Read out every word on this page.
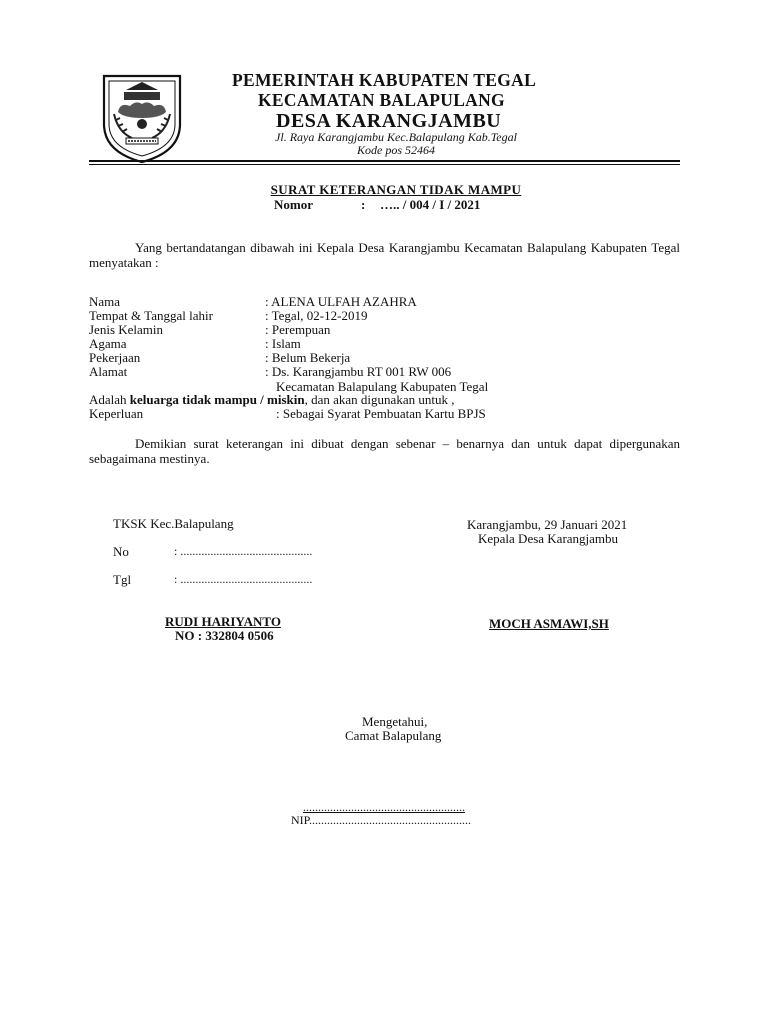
PEMERINTAH KABUPATEN TEGAL
KECAMATAN BALAPULANG
DESA KARANGJAMBU
Jl. Raya Karangjambu Kec.Balapulang Kab.Tegal
Kode pos 52464
SURAT KETERANGAN TIDAK MAMPU
Nomor	: ….. / 004 / I / 2021
Yang bertandatangan dibawah ini Kepala Desa Karangjambu Kecamatan Balapulang Kabupaten Tegal menyatakan :
Nama	: ALENA ULFAH AZAHRA
Tempat & Tanggal lahir	: Tegal, 02-12-2019
Jenis Kelamin	: Perempuan
Agama	: Islam
Pekerjaan	: Belum Bekerja
Alamat	: Ds. Karangjambu RT 001 RW 006
Kecamatan Balapulang Kabupaten Tegal
Adalah keluarga tidak mampu / miskin, dan akan digunakan untuk ,
Keperluan	: Sebagai Syarat Pembuatan Kartu BPJS
Demikian surat keterangan ini dibuat dengan sebenar – benarnya dan untuk dapat dipergunakan sebagaimana mestinya.
TKSK Kec.Balapulang
No	: ............................................
Tgl	: ............................................
RUDI HARIYANTO
NO : 332804 0506
Karangjambu, 29 Januari 2021
Kepala Desa Karangjambu
MOCH ASMAWI,SH
Mengetahui,
Camat Balapulang
......................................................
NIP......................................................
